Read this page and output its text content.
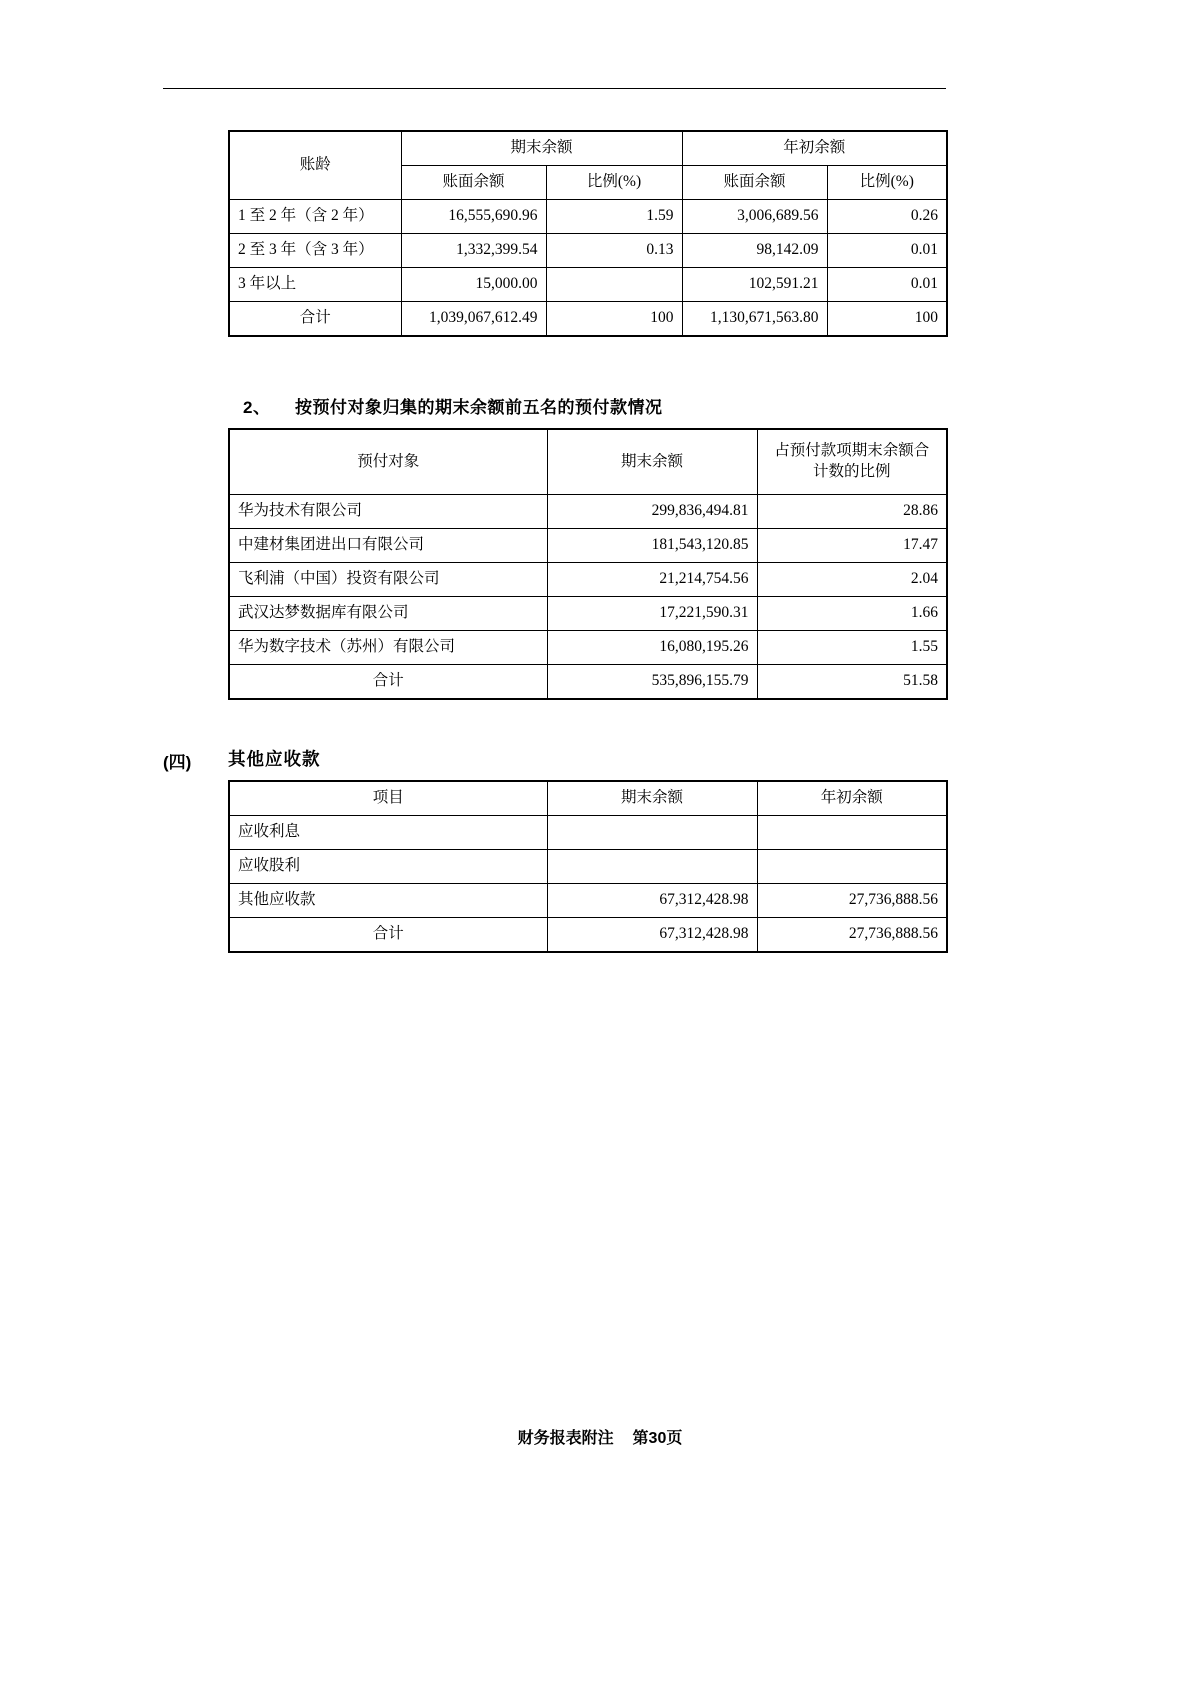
账龄	期末余额		年初余额	
	账面余额	比例(%)	账面余额	比例(%)
1 至 2 年（含 2 年）	16,555,690.96	1.59	3,006,689.56	0.26
2 至 3 年（含 3 年）	1,332,399.54	0.13	98,142.09	0.01
3 年以上	15,000.00		102,591.21	0.01
合计	1,039,067,612.49	100	1,130,671,563.80	100
2、 按预付对象归集的期末余额前五名的预付款情况
预付对象	期末余额	占预付款项期末余额合
计数的比例

华为技术有限公司	299,836,494.81	28.86
中建材集团进出口有限公司	181,543,120.85	17.47
飞利浦（中国）投资有限公司	21,214,754.56	2.04
武汉达梦数据库有限公司	17,221,590.31	1.66
华为数字技术（苏州）有限公司	16,080,195.26	1.55
合计	535,896,155.79	51.58
(四) 其他应收款
项目	期末余额	年初余额
应收利息		
应收股利		
其他应收款	67,312,428.98	27,736,888.56
合计	67,312,428.98	27,736,888.56
财务报表附注 第30页
